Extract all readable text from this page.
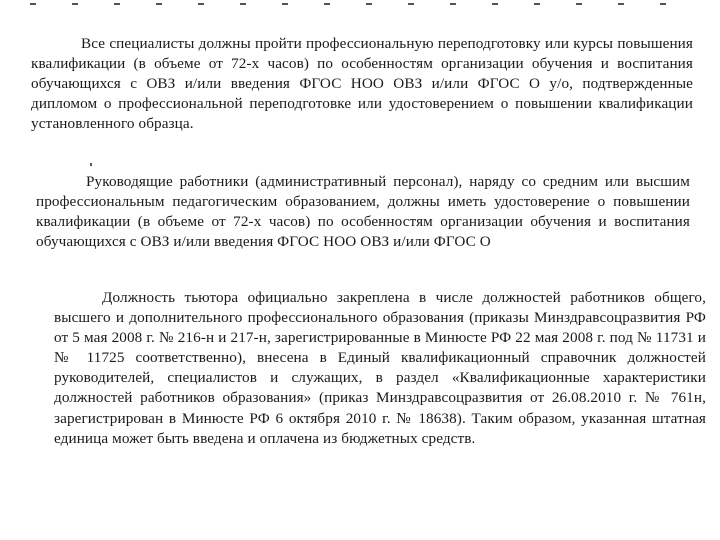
Все специалисты должны пройти профессиональную переподготовку или курсы повышения квалификации (в объеме от 72-х часов) по особенностям организации обучения и воспитания обучающихся с ОВЗ и/или введения ФГОС НОО ОВЗ и/или ФГОС О у/о, подтвержденные дипломом о профессиональной переподготовке или удостоверением о повышении квалификации установленного образца.

Руководящие работники (административный персонал), наряду со средним или высшим профессиональным педагогическим образованием, должны иметь удостоверение о повышении квалификации (в объеме от 72-х часов) по особенностям организации обучения и воспитания обучающихся с ОВЗ и/или введения ФГОС НОО ОВЗ и/или ФГОС О

Должность тьютора официально закреплена в числе должностей работников общего, высшего и дополнительного профессионального образования (приказы Минздравсоцразвития РФ от 5 мая 2008 г. № 216-н и 217-н, зарегистрированные в Минюсте РФ 22 мая 2008 г. под № 11731 и № 11725 соответственно), внесена в Единый квалификационный справочник должностей руководителей, специалистов и служащих, в раздел «Квалификационные характеристики должностей работников образования» (приказ Минздравсоцразвития от 26.08.2010 г. № 761н, зарегистрирован в Минюсте РФ 6 октября 2010 г. № 18638). Таким образом, указанная штатная единица может быть введена и оплачена из бюджетных средств.
